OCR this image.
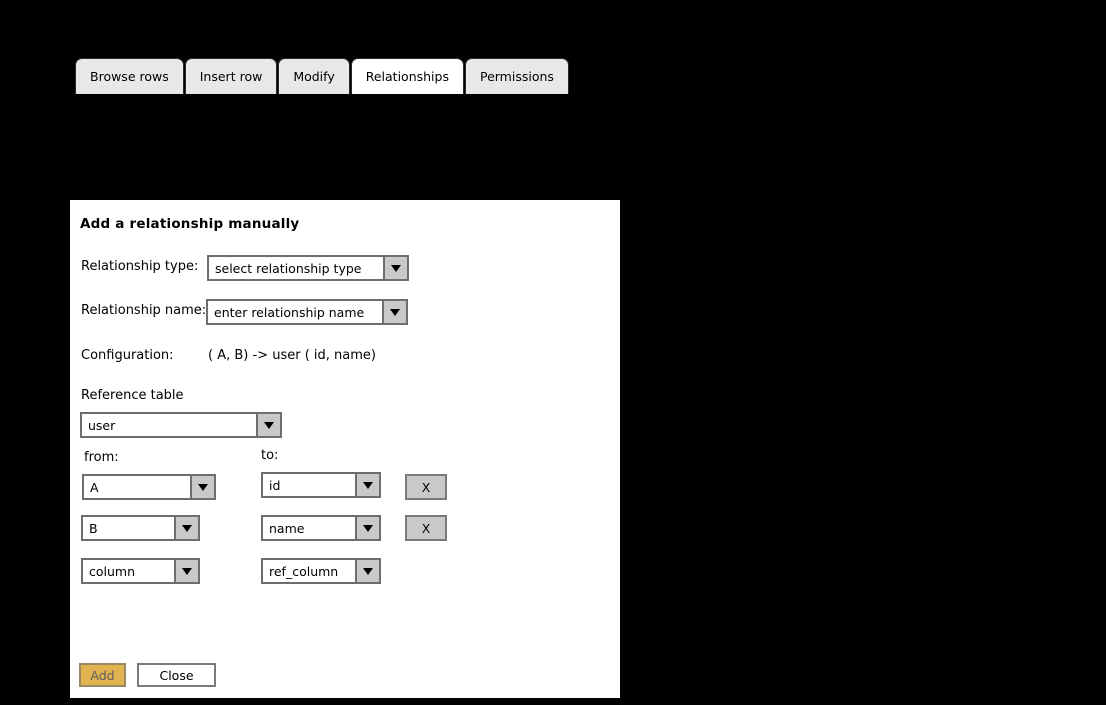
Browse rows Insert row Modify Relationships Permissions
Add a relationship manually
Relationship type:	select relationship type
Relationship name: enter relationship name
Configuration:	( A, B) -> user ( id, name)
Reference table
user
from:	to:
A	id	X
B	name	X
column	ref_column
Add	Close
